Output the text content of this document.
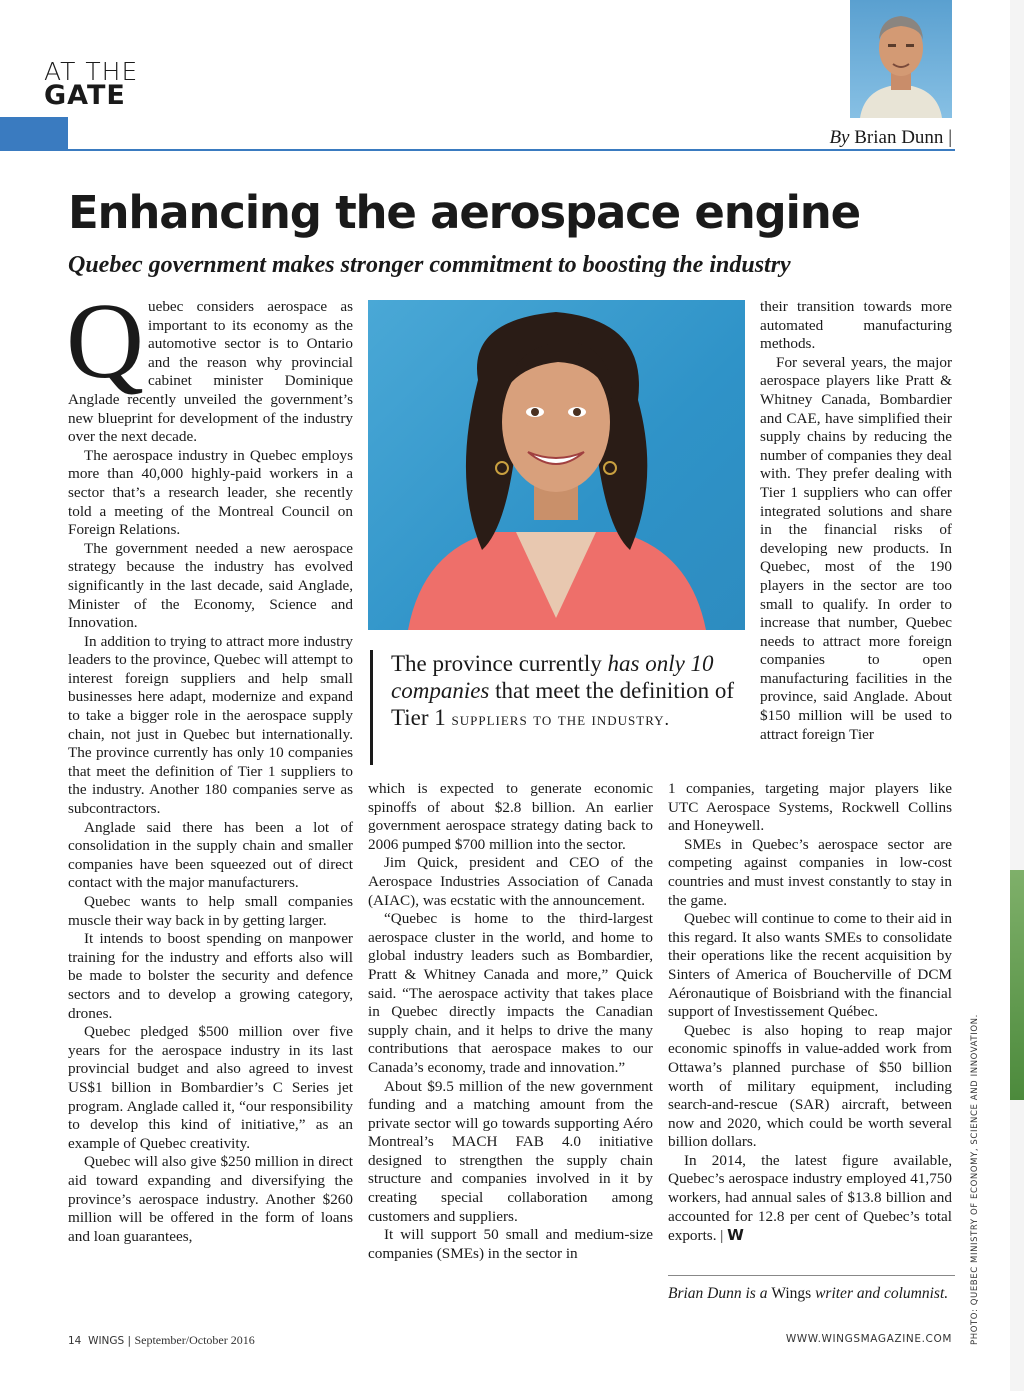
AT THE
GATE
By Brian Dunn |
Enhancing the aerospace engine
Quebec government makes stronger commitment to boosting the industry

Quebec considers aerospace as important to its economy as the automotive sector is to Ontario and the reason why provincial cabinet minister Dominique Anglade recently unveiled the government’s new blueprint for development of the industry over the next decade.

The aerospace industry in Quebec employs more than 40,000 highly-paid workers in a sector that’s a research leader, she recently told a meeting of the Montreal Council on Foreign Relations.

The government needed a new aerospace strategy because the industry has evolved significantly in the last decade, said Anglade, Minister of the Economy, Science and Innovation.

In addition to trying to attract more industry leaders to the province, Quebec will attempt to interest foreign suppliers and help small businesses here adapt, modernize and expand to take a bigger role in the aerospace supply chain, not just in Quebec but internationally. The province currently has only 10 companies that meet the definition of Tier 1 suppliers to the industry. Another 180 companies serve as subcontractors.

Anglade said there has been a lot of consolidation in the supply chain and smaller companies have been squeezed out of direct contact with the major manufacturers.

Quebec wants to help small companies muscle their way back in by getting larger.

It intends to boost spending on manpower training for the industry and efforts also will be made to bolster the security and defence sectors and to develop a growing category, drones.

Quebec pledged $500 million over five years for the aerospace industry in its last provincial budget and also agreed to invest US$1 billion in Bombardier’s C Series jet program. Anglade called it, “our responsibility to develop this kind of initiative,” as an example of Quebec creativity.

Quebec will also give $250 million in direct aid toward expanding and diversifying the province’s aerospace industry. Another $260 million will be offered in the form of loans and loan guarantees,

The province currently has only 10 companies that meet the definition of Tier 1 suppliers to the industry.

which is expected to generate economic spinoffs of about $2.8 billion. An earlier government aerospace strategy dating back to 2006 pumped $700 million into the sector.

Jim Quick, president and CEO of the Aerospace Industries Association of Canada (AIAC), was ecstatic with the announcement.

“Quebec is home to the third-largest aerospace cluster in the world, and home to global industry leaders such as Bombardier, Pratt & Whitney Canada and more,” Quick said. “The aerospace activity that takes place in Quebec directly impacts the Canadian supply chain, and it helps to drive the many contributions that aerospace makes to our Canada’s economy, trade and innovation.”

About $9.5 million of the new government funding and a matching amount from the private sector will go towards supporting Aéro Montreal’s MACH FAB 4.0 initiative designed to strengthen the supply chain structure and companies involved in it by creating special collaboration among customers and suppliers.

It will support 50 small and medium-size companies (SMEs) in the sector in

their transition towards more automated manufacturing methods.

For several years, the major aerospace players like Pratt & Whitney Canada, Bombardier and CAE, have simplified their supply chains by reducing the number of companies they deal with. They prefer dealing with Tier 1 suppliers who can offer integrated solutions and share in the financial risks of developing new products. In Quebec, most of the 190 players in the sector are too small to qualify. In order to increase that number, Quebec needs to attract more foreign companies to open manufacturing facilities in the province, said Anglade. About $150 million will be used to attract foreign Tier

1 companies, targeting major players like UTC Aerospace Systems, Rockwell Collins and Honeywell.

SMEs in Quebec’s aerospace sector are competing against companies in low-cost countries and must invest constantly to stay in the game.

Quebec will continue to come to their aid in this regard. It also wants SMEs to consolidate their operations like the recent acquisition by Sinters of America of Boucherville of DCM Aéronautique of Boisbriand with the financial support of Investissement Québec.

Quebec is also hoping to reap major economic spinoffs in value-added work from Ottawa’s planned purchase of $50 billion worth of military equipment, including search-and-rescue (SAR) aircraft, between now and 2020, which could be worth several billion dollars.

In 2014, the latest figure available, Quebec’s aerospace industry employed 41,750 workers, had annual sales of $13.8 billion and accounted for 12.8 per cent of Quebec’s total exports. | W

Brian Dunn is a Wings writer and columnist.	PHOTO: QUEBEC MINISTRY OF ECONOMY, SCIENCE AND INNOVATION.
14 WINGS | September/October 2016	WWW.WINGSMAGAZINE.COM
